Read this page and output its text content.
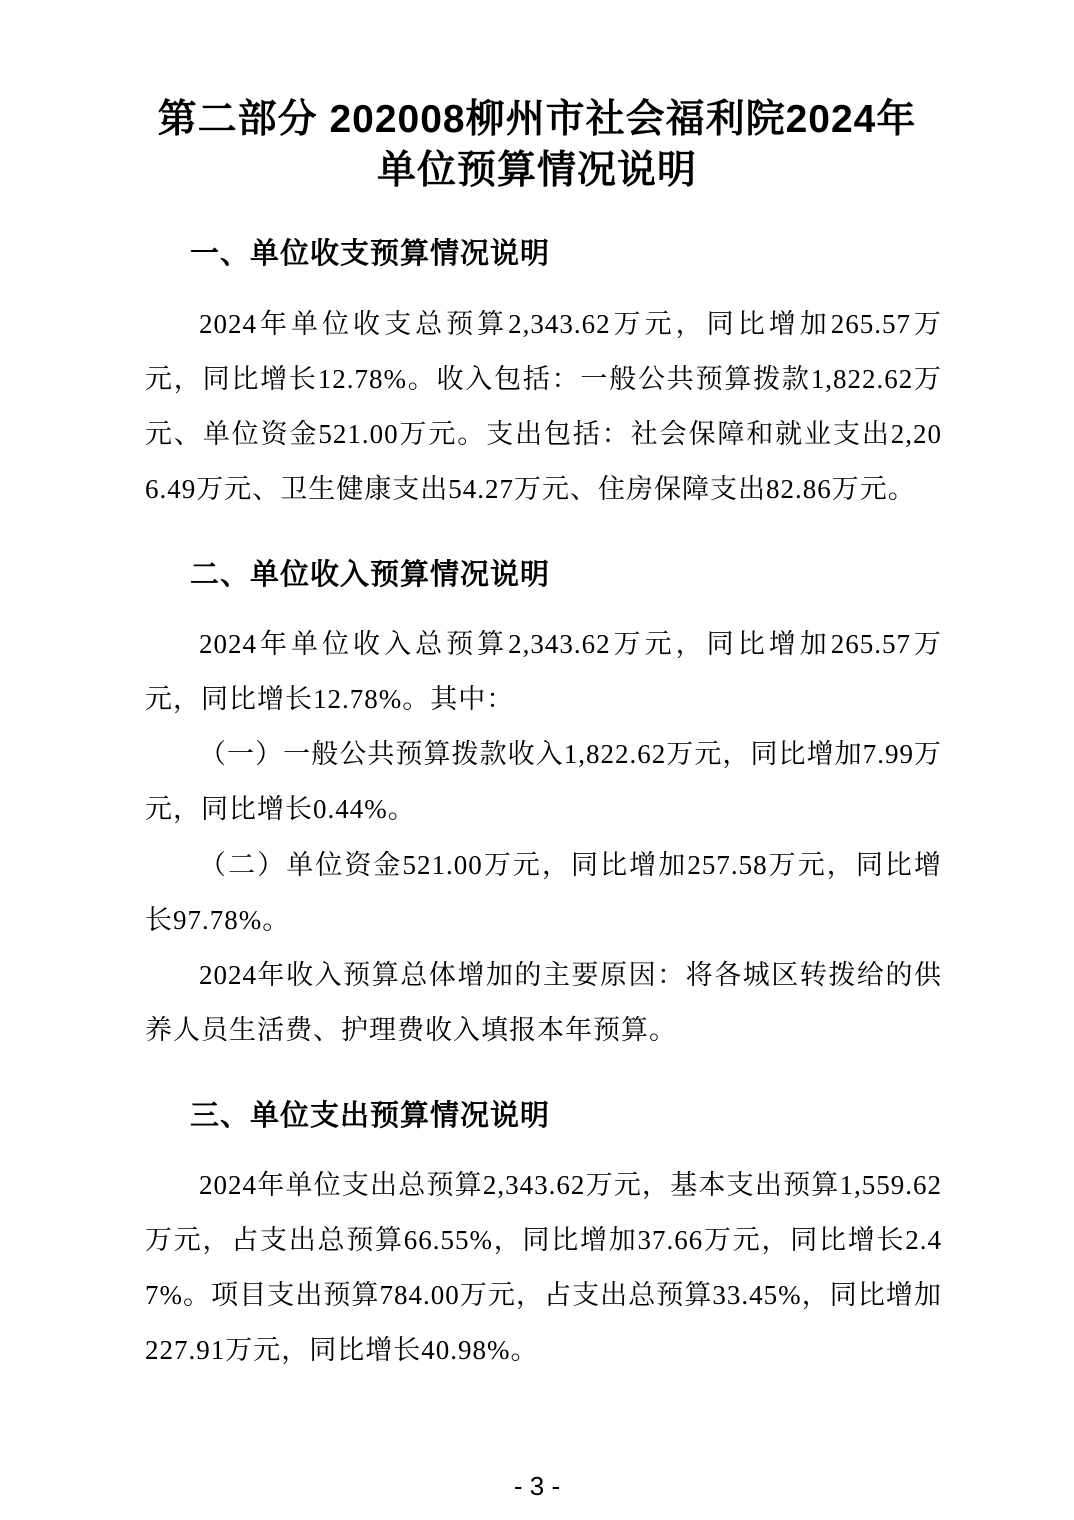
第二部分 202008柳州市社会福利院2024年
单位预算情况说明
一、单位收支预算情况说明

2024年单位收支总预算2,343.62万元，同比增加265.57万元，同比增长12.78%。收入包括：一般公共预算拨款1,822.62万元、单位资金521.00万元。支出包括：社会保障和就业支出2,206.49万元、卫生健康支出54.27万元、住房保障支出82.86万元。

二、单位收入预算情况说明

2024年单位收入总预算2,343.62万元，同比增加265.57万元，同比增长12.78%。其中：

（一）一般公共预算拨款收入1,822.62万元，同比增加7.99万元，同比增长0.44%。

（二）单位资金521.00万元，同比增加257.58万元，同比增长97.78%。

2024年收入预算总体增加的主要原因：将各城区转拨给的供养人员生活费、护理费收入填报本年预算。

三、单位支出预算情况说明

2024年单位支出总预算2,343.62万元，基本支出预算1,559.62万元，占支出总预算66.55%，同比增加37.66万元，同比增长2.47%。项目支出预算784.00万元，占支出总预算33.45%，同比增加227.91万元，同比增长40.98%。

- 3 -
